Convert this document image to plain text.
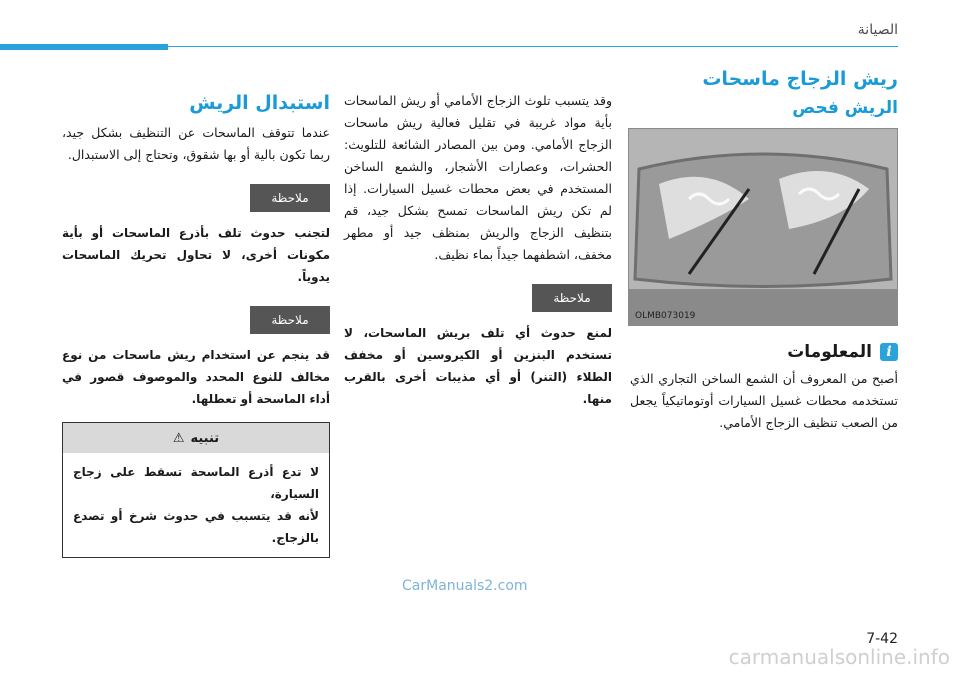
الصيانة
ريش الزجاج ماسحات
الريش فحص
OLMB073019
i
المعلومات

أصبح من المعروف أن الشمع الساخن التجاري الذي تستخدمه محطات غسيل السيارات أوتوماتيكياً يجعل من الصعب تنظيف الزجاج الأمامي.

وقد يتسبب تلوث الزجاج الأمامي أو ريش الماسحات بأية مواد غريبة في تقليل فعالية ريش ماسحات الزجاج الأمامي. ومن بين المصادر الشائعة للتلويث: الحشرات، وعصارات الأشجار، والشمع الساخن المستخدم في بعض محطات غسيل السيارات. إذا لم تكن ريش الماسحات تمسح بشكل جيد، قم بتنظيف الزجاج والريش بمنظف جيد أو مطهر مخفف، اشطفهما جيداً بماء نظيف.

ملاحظة

لمنع حدوث أي تلف بريش الماسحات، لا تستخدم البنزين أو الكيروسين أو مخفف الطلاء (التنر) أو أي مذيبات أخرى بالقرب منها.

استبدال الريش

عندما تتوقف الماسحات عن التنظيف بشكل جيد، ربما تكون بالية أو بها شقوق، وتحتاج إلى الاستبدال.

ملاحظة

لتجنب حدوث تلف بأذرع الماسحات أو بأية مكونات أخرى، لا تحاول تحريك الماسحات يدوياً.

ملاحظة

قد ينجم عن استخدام ريش ماسحات من نوع مخالف للنوع المحدد والموصوف قصور في أداء الماسحة أو تعطلها.

تنبيه
⚠
لا تدع أذرع الماسحة تسقط على زجاج السيارة،
لأنه قد يتسبب في حدوث شرخ أو تصدع بالزجاج.
CarManuals2.com
7-42
carmanualsonline.info
